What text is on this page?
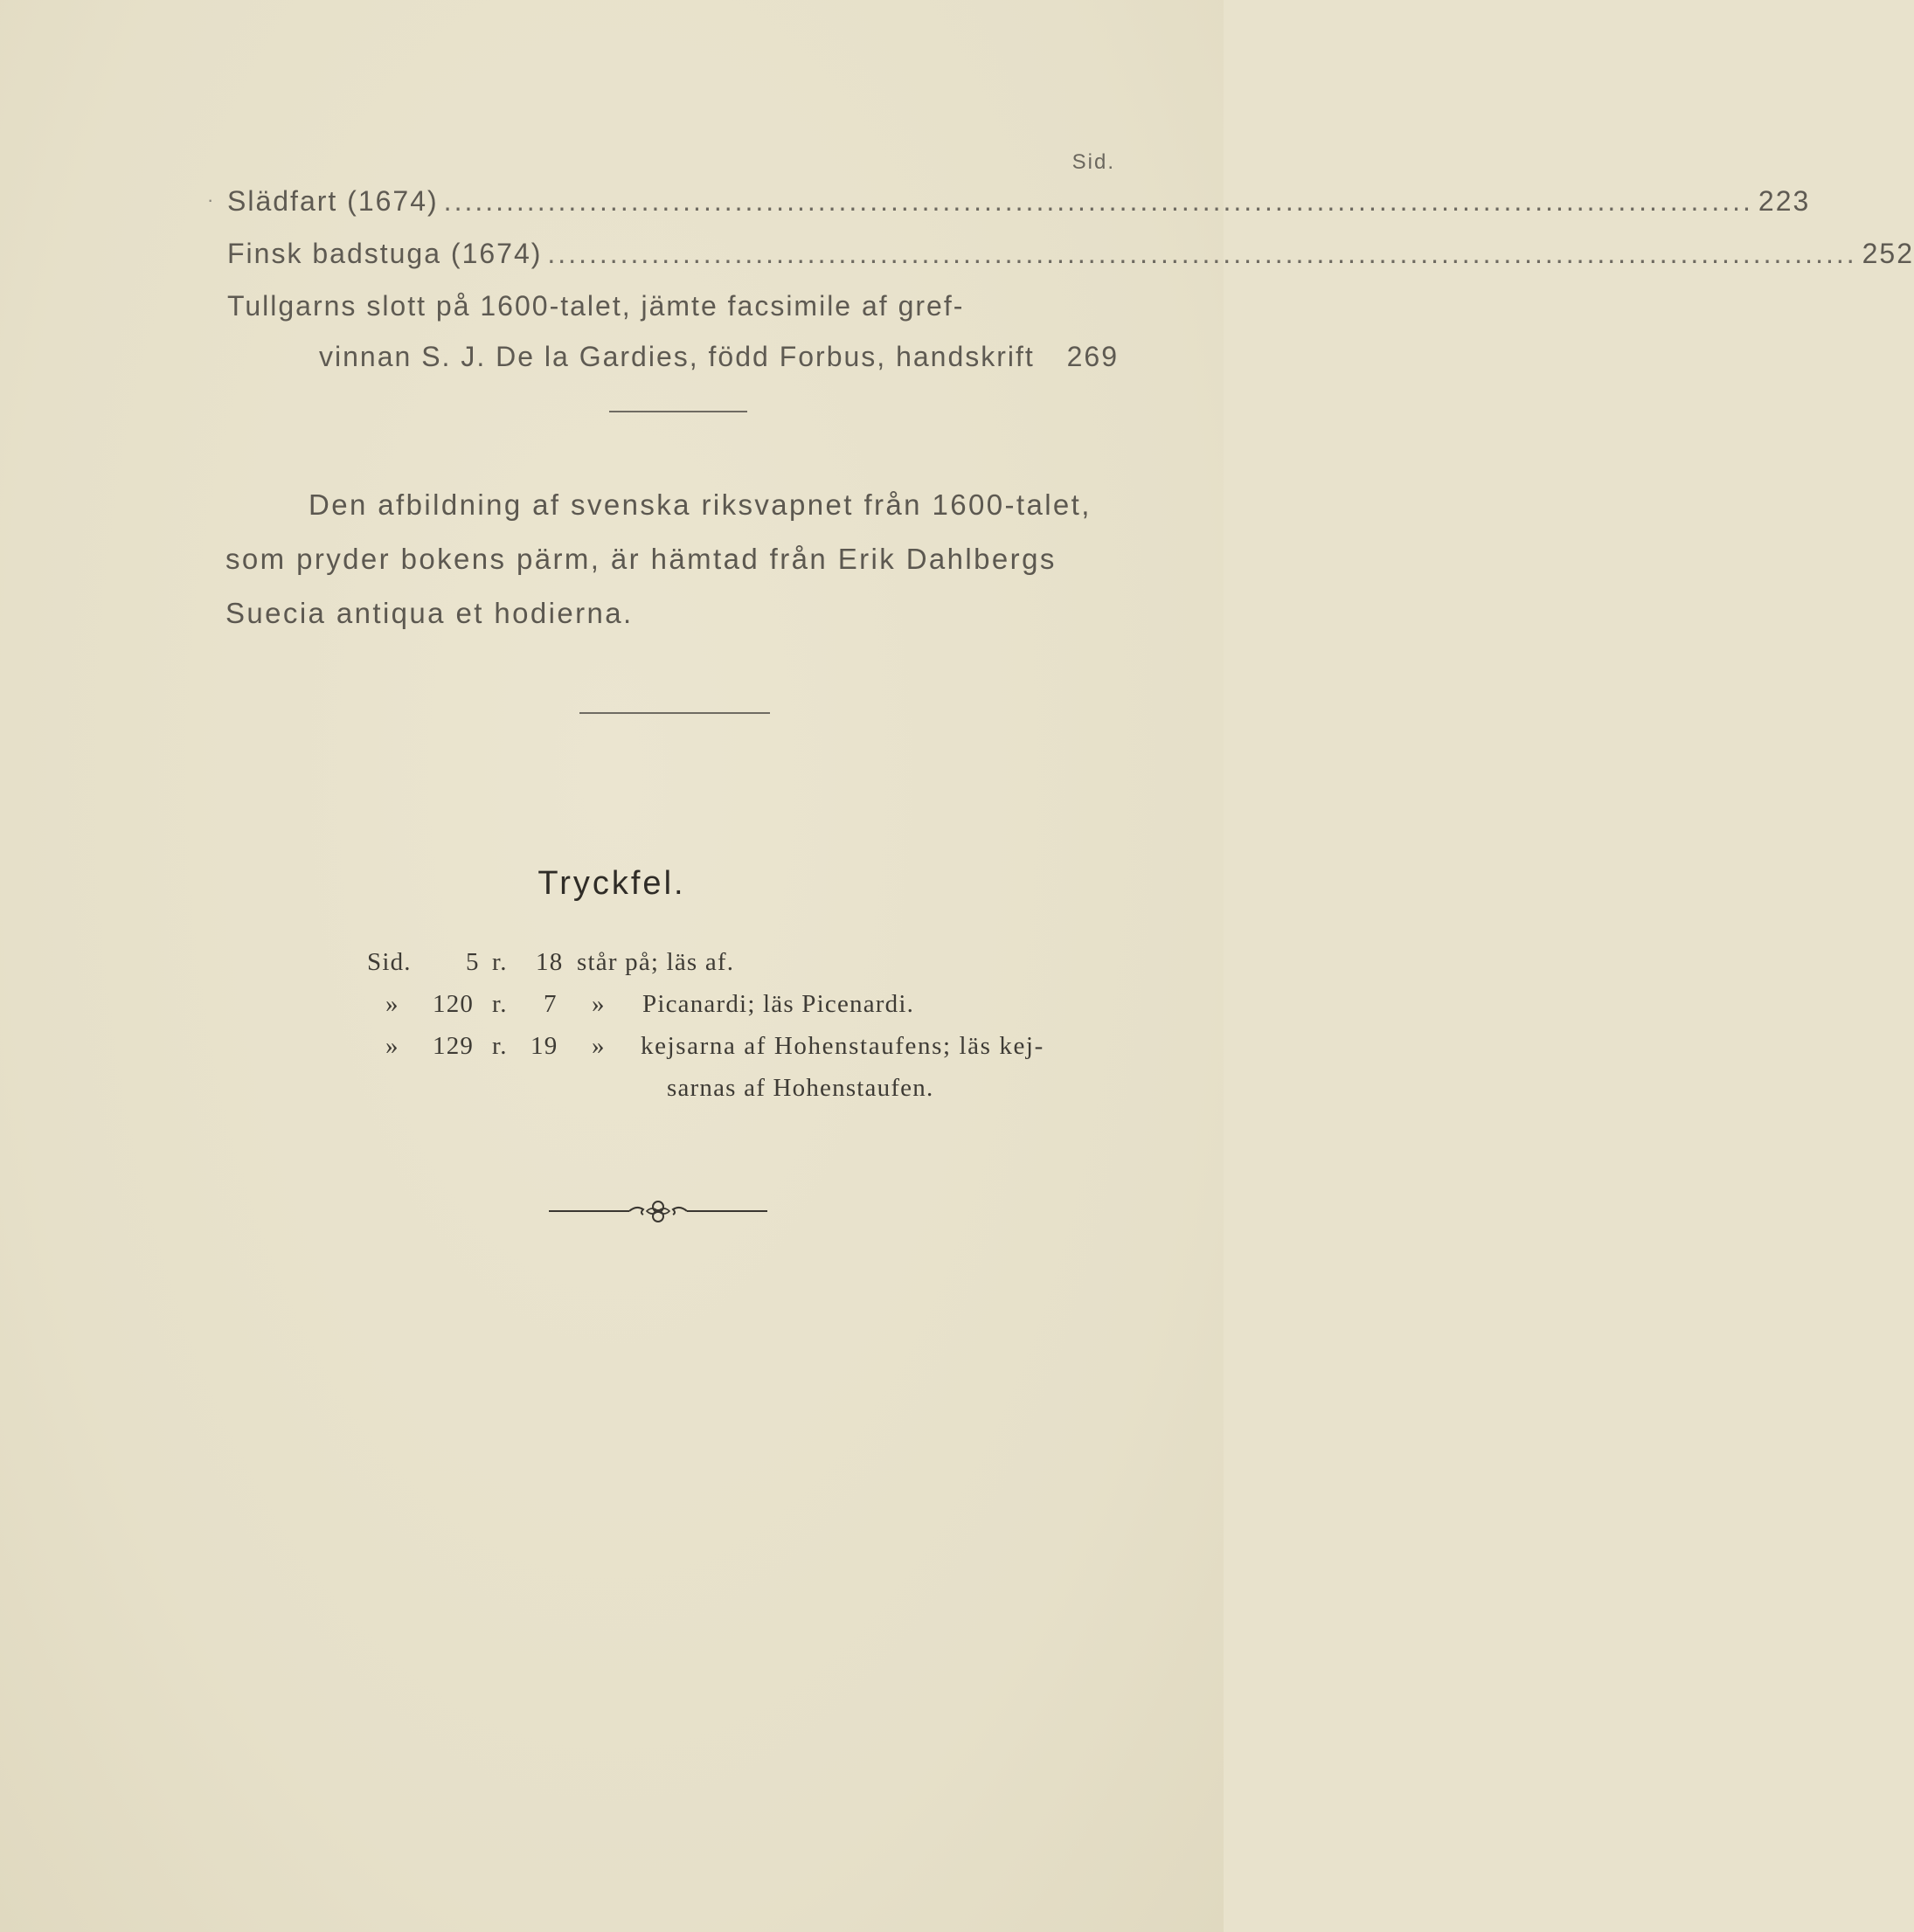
Sid.
· Slädfart (1674) .............................................................................................................................. 223
Finsk badstuga (1674) .............................................................................................................................. 252
Tullgarns slott på 1600-talet, jämte facsimile af gref-
vinnan S. J. De la Gardies, född Forbus, handskrift 269
Den afbildning af svenska riksvapnet från 1600-talet,
som pryder bokens pärm, är hämtad från Erik Dahlbergs
Suecia antiqua et hodierna.
Tryckfel.
Sid. 5 r. 18 står på; läs af.
» 120 r. 7 » Picanardi; läs Picenardi.
» 129 r. 19 » kejsarna af Hohenstaufens; läs kej-
sarnas af Hohenstaufen.
